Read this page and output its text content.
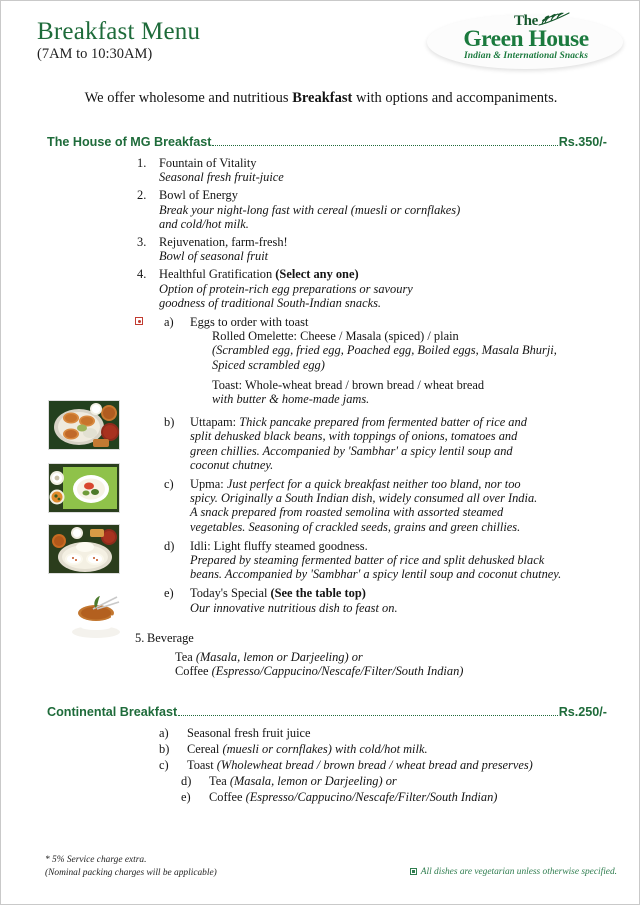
Breakfast Menu
(7AM to 10:30AM)
The
Green House
Indian & International Snacks
We offer wholesome and nutritious Breakfast with options and accompaniments.
The House of MG Breakfast	Rs.350/-
1.	Fountain of Vitality
Seasonal fresh fruit-juice
2.	Bowl of Energy
Break your night-long fast with cereal (muesli or cornflakes)
and cold/hot milk.
3.	Rejuvenation, farm-fresh!
Bowl of seasonal fruit
4.	Healthful Gratification (Select any one)
Option of protein-rich egg preparations or savoury
goodness of traditional South-Indian snacks.
a)	Eggs to order with toast
Rolled Omelette: Cheese / Masala (spiced) / plain
(Scrambled egg, fried egg, Poached egg, Boiled eggs, Masala Bhurji,
Spiced scrambled egg)
Toast: Whole-wheat bread / brown bread / wheat bread
with butter & home-made jams.
b)	Uttapam: Thick pancake prepared from fermented batter of rice and
split dehusked black beans, with toppings of onions, tomatoes and
green chillies. Accompanied by 'Sambhar' a spicy lentil soup and
coconut chutney.
c)	Upma: Just perfect for a quick breakfast neither too bland, nor too
spicy. Originally a South Indian dish, widely consumed all over India.
A snack prepared from roasted semolina with assorted steamed
vegetables. Seasoning of crackled seeds, grains and green chillies.
d)	Idli: Light fluffy steamed goodness.
Prepared by steaming fermented batter of rice and split dehusked black
beans. Accompanied by 'Sambhar' a spicy lentil soup and coconut chutney.
e)	Today's Special (See the table top)
Our innovative nutritious dish to feast on.
5. Beverage
Tea (Masala, lemon or Darjeeling) or
Coffee (Espresso/Cappucino/Nescafe/Filter/South Indian)
Continental Breakfast	Rs.250/-
a)	Seasonal fresh fruit juice
b)	Cereal (muesli or cornflakes) with cold/hot milk.
c)	Toast (Wholewheat bread / brown bread / wheat bread and preserves)
d)	Tea (Masala, lemon or Darjeeling) or
e)	Coffee (Espresso/Cappucino/Nescafe/Filter/South Indian)
* 5% Service charge extra.
(Nominal packing charges will be applicable)	All dishes are vegetarian unless otherwise specified.
